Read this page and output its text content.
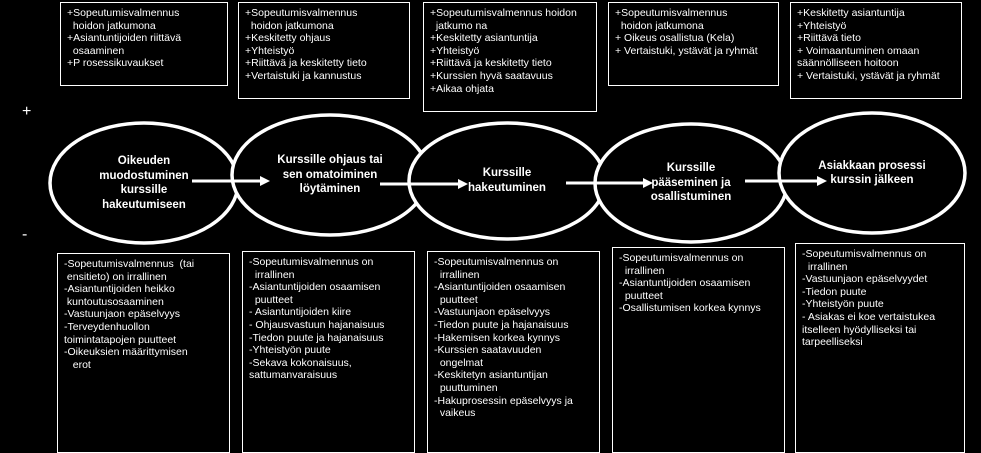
+
-
+Sopeutumisvalmennus
hoidon jatkumona
+Asiantuntijoiden riittävä
osaaminen
+P rosessikuvaukset
+Sopeutumisvalmennus
hoidon jatkumona
+Keskitetty ohjaus
+Yhteistyö
+Riittävä ja keskitetty tieto
+Vertaistuki ja kannustus
+Sopeutumisvalmennus hoidon
jatkumo na
+Keskitetty asiantuntija
+Yhteistyö
+Riittävä ja keskitetty tieto
+Kurssien hyvä saatavuus
+Aikaa ohjata
+Sopeutumisvalmennus
hoidon jatkumona
+ Oikeus osallistua (Kela)
+ Vertaistuki, ystävät ja ryhmät
+Keskitetty asiantuntija
+Yhteistyö
+Riittävä tieto
+ Voimaantuminen omaan
säännölliseen hoitoon
+ Vertaistuki, ystävät ja ryhmät
Oikeuden
muodostuminen
kurssille
hakeutumiseen
Kurssille ohjaus tai
sen omatoiminen
löytäminen
Kurssille
hakeutuminen
Kurssille
pääseminen ja
osallistuminen
Asiakkaan prosessi
kurssin jälkeen
-Sopeutumisvalmennus  (tai
ensitieto) on irrallinen
-Asiantuntijoiden heikko
kuntoutusosaaminen
-Vastuunjaon epäselvyys
-Terveydenhuollon
toimintatapojen puutteet
-Oikeuksien määrittymisen
erot
-Sopeutumisvalmennus on
irrallinen
-Asiantuntijoiden osaamisen
puutteet
- Asiantuntijoiden kiire
- Ohjausvastuun hajanaisuus
-Tiedon puute ja hajanaisuus
-Yhteistyön puute
-Sekava kokonaisuus,
sattumanvaraisuus
-Sopeutumisvalmennus on
irrallinen
-Asiantuntijoiden osaamisen
puutteet
-Vastuunjaon epäselvyys
-Tiedon puute ja hajanaisuus
-Hakemisen korkea kynnys
-Kurssien saatavuuden
ongelmat
-Keskitetyn asiantuntijan
puuttuminen
-Hakuprosessin epäselvyys ja
vaikeus
-Sopeutumisvalmennus on
irrallinen
-Asiantuntijoiden osaamisen
puutteet
-Osallistumisen korkea kynnys
-Sopeutumisvalmennus on
irrallinen
-Vastuunjaon epäselvyydet
-Tiedon puute
-Yhteistyön puute
- Asiakas ei koe vertaistukea
itselleen hyödylliseksi tai
tarpeelliseksi
